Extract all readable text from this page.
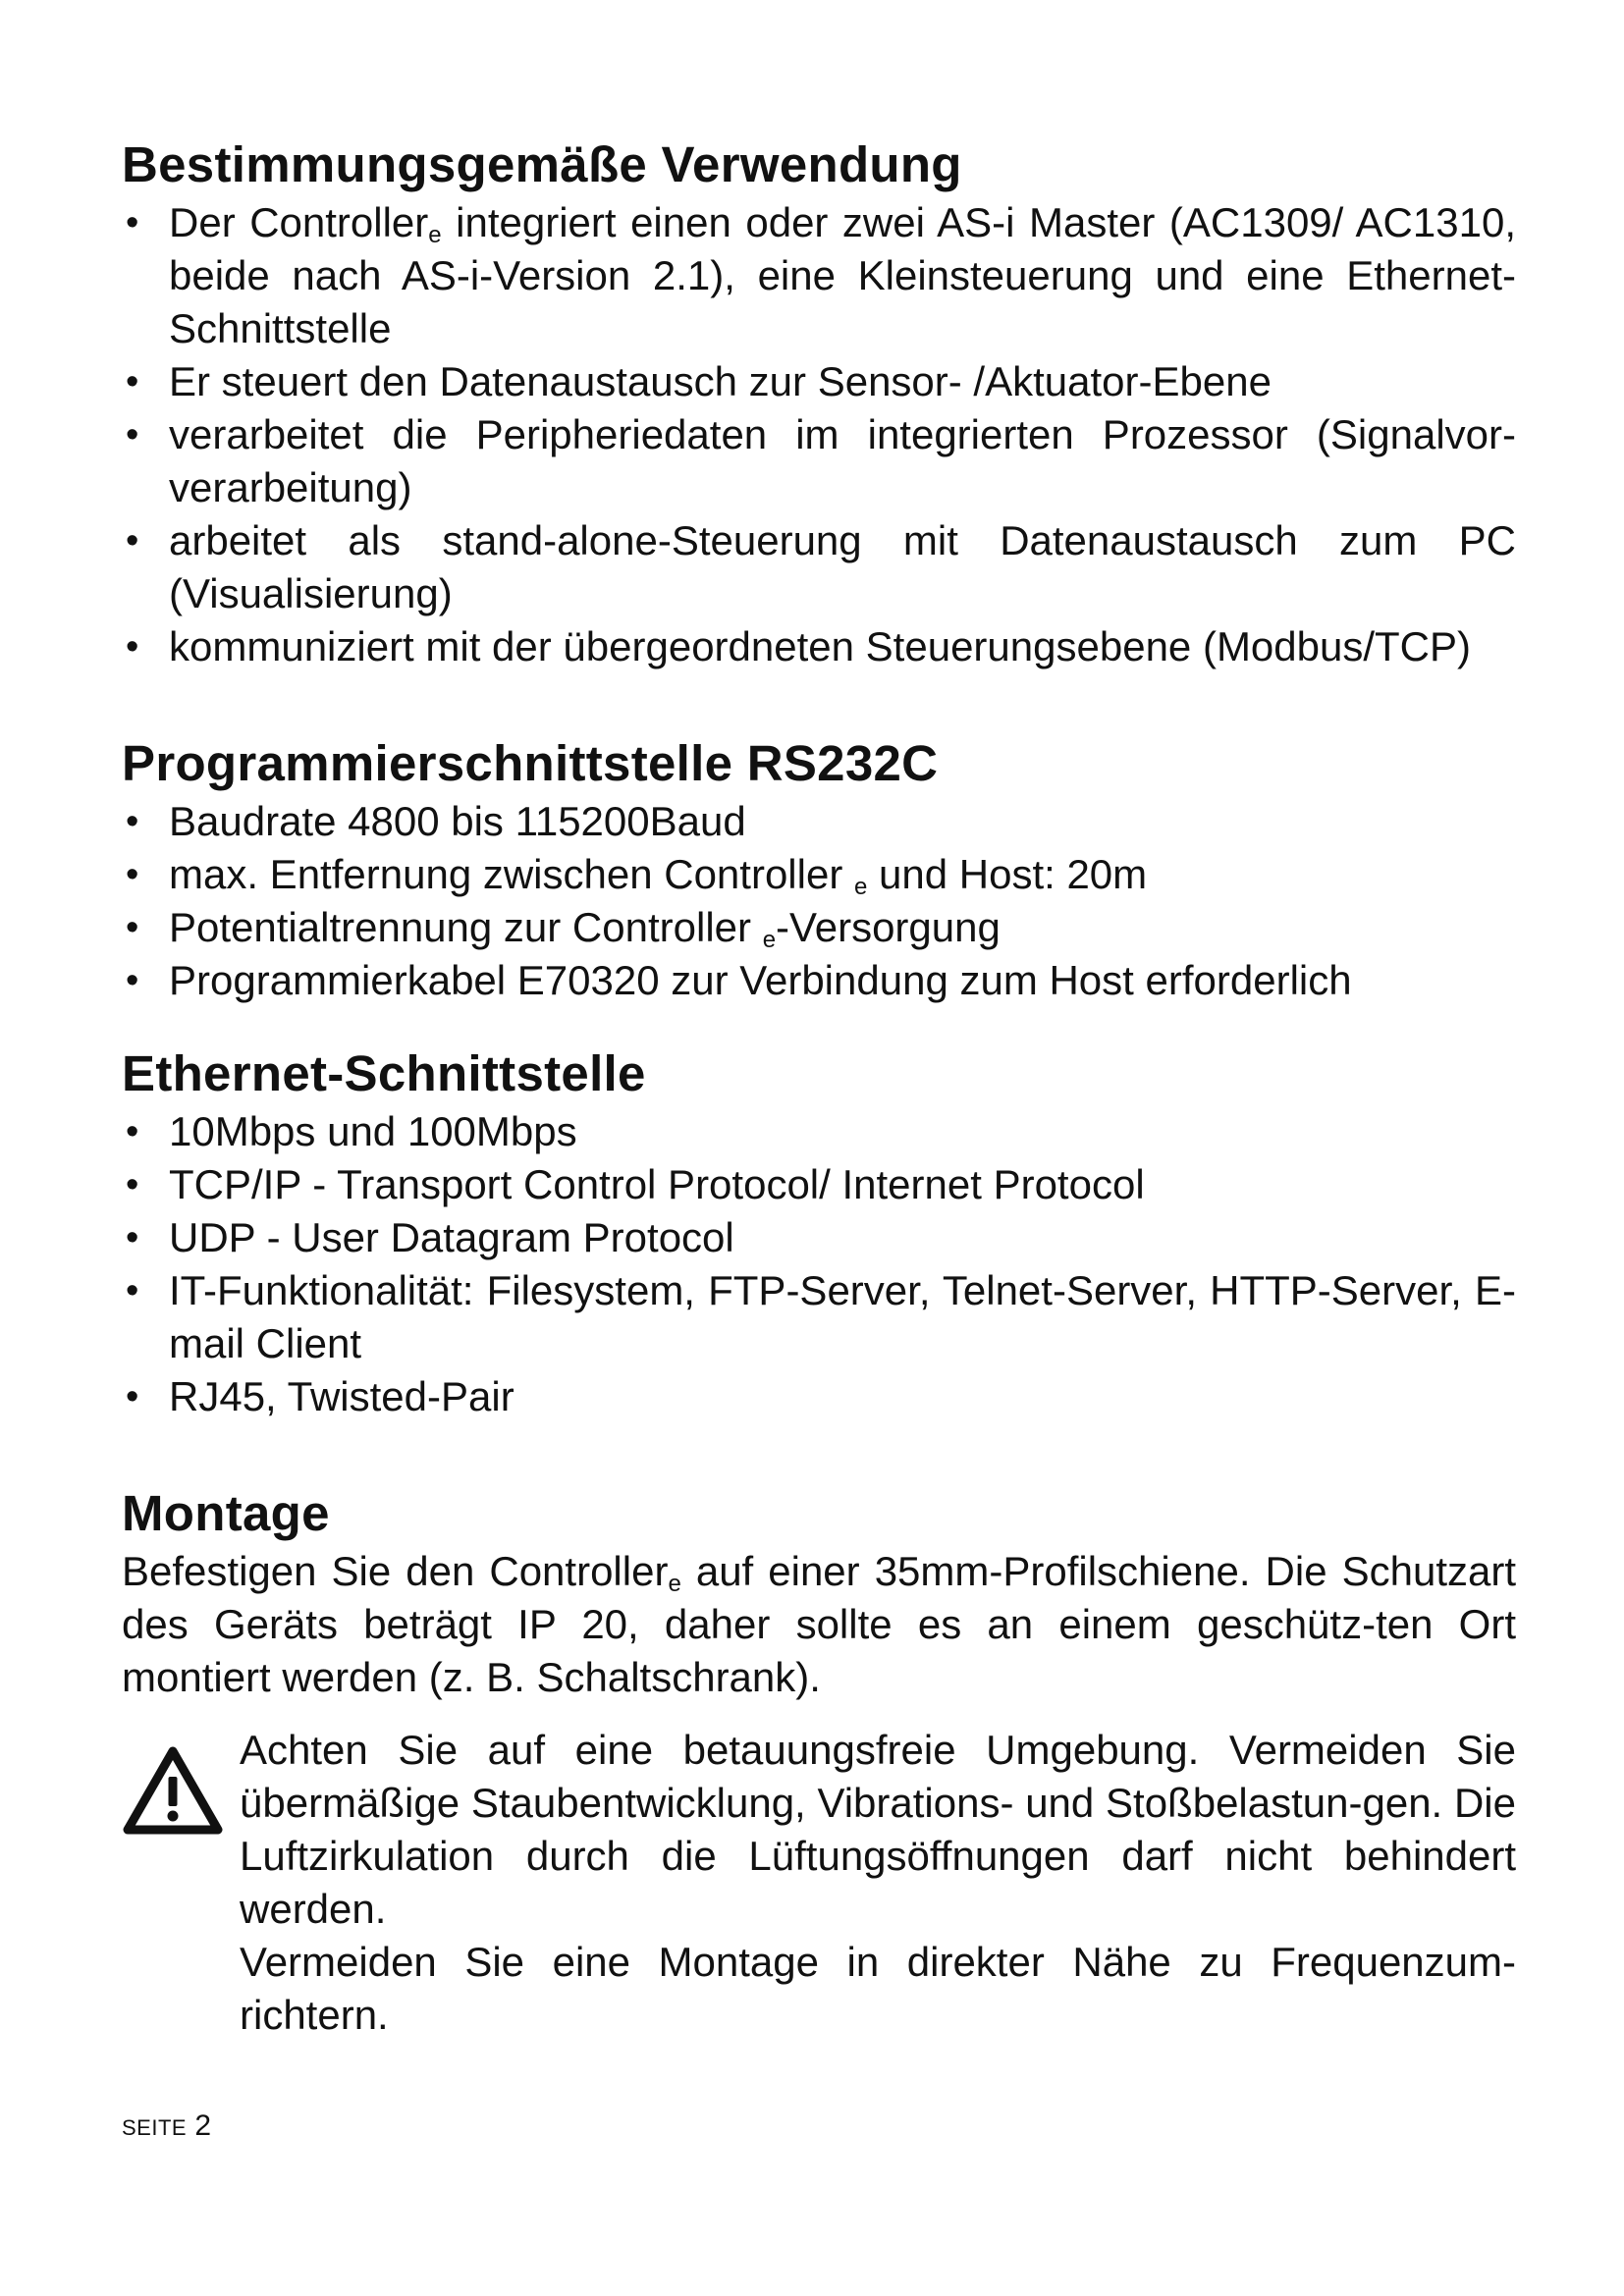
Bestimmungsgemäße Verwendung
• Der Controller$_e$ integriert einen oder zwei AS-i Master (AC1309/ AC1310, beide nach AS-i-Version 2.1), eine Kleinsteuerung und eine Ethernet-Schnittstelle
• Er steuert den Datenaustausch zur Sensor- /Aktuator-Ebene
• verarbeitet die Peripheriedaten im integrierten Prozessor (Signalvor-verarbeitung)
• arbeitet als stand-alone-Steuerung mit Datenaustausch zum PC (Visualisierung)
• kommuniziert mit der übergeordneten Steuerungsebene (Modbus/TCP)
Programmierschnittstelle RS232C
• Baudrate 4800 bis 115200Baud
• max. Entfernung zwischen Controller $_e$ und Host: 20m
• Potentialtrennung zur Controller $_e$-Versorgung
• Programmierkabel E70320 zur Verbindung zum Host erforderlich
Ethernet-Schnittstelle
• 10Mbps und 100Mbps
• TCP/IP - Transport Control Protocol/ Internet Protocol
• UDP - User Datagram Protocol
• IT-Funktionalität: Filesystem, FTP-Server, Telnet-Server, HTTP-Server, E-mail Client
• RJ45, Twisted-Pair
Montage

Befestigen Sie den Controller$_e$ auf einer 35mm-Profilschiene. Die Schutzart des Geräts beträgt IP 20, daher sollte es an einem geschütz-ten Ort montiert werden (z. B. Schaltschrank).

Achten Sie auf eine betauungsfreie Umgebung. Vermeiden Sie übermäßige Staubentwicklung, Vibrations- und Stoßbelastun-gen. Die Luftzirkulation durch die Lüftungsöffnungen darf nicht behindert werden.

Vermeiden Sie eine Montage in direkter Nähe zu Frequenzum-richtern.

SEITE 2
